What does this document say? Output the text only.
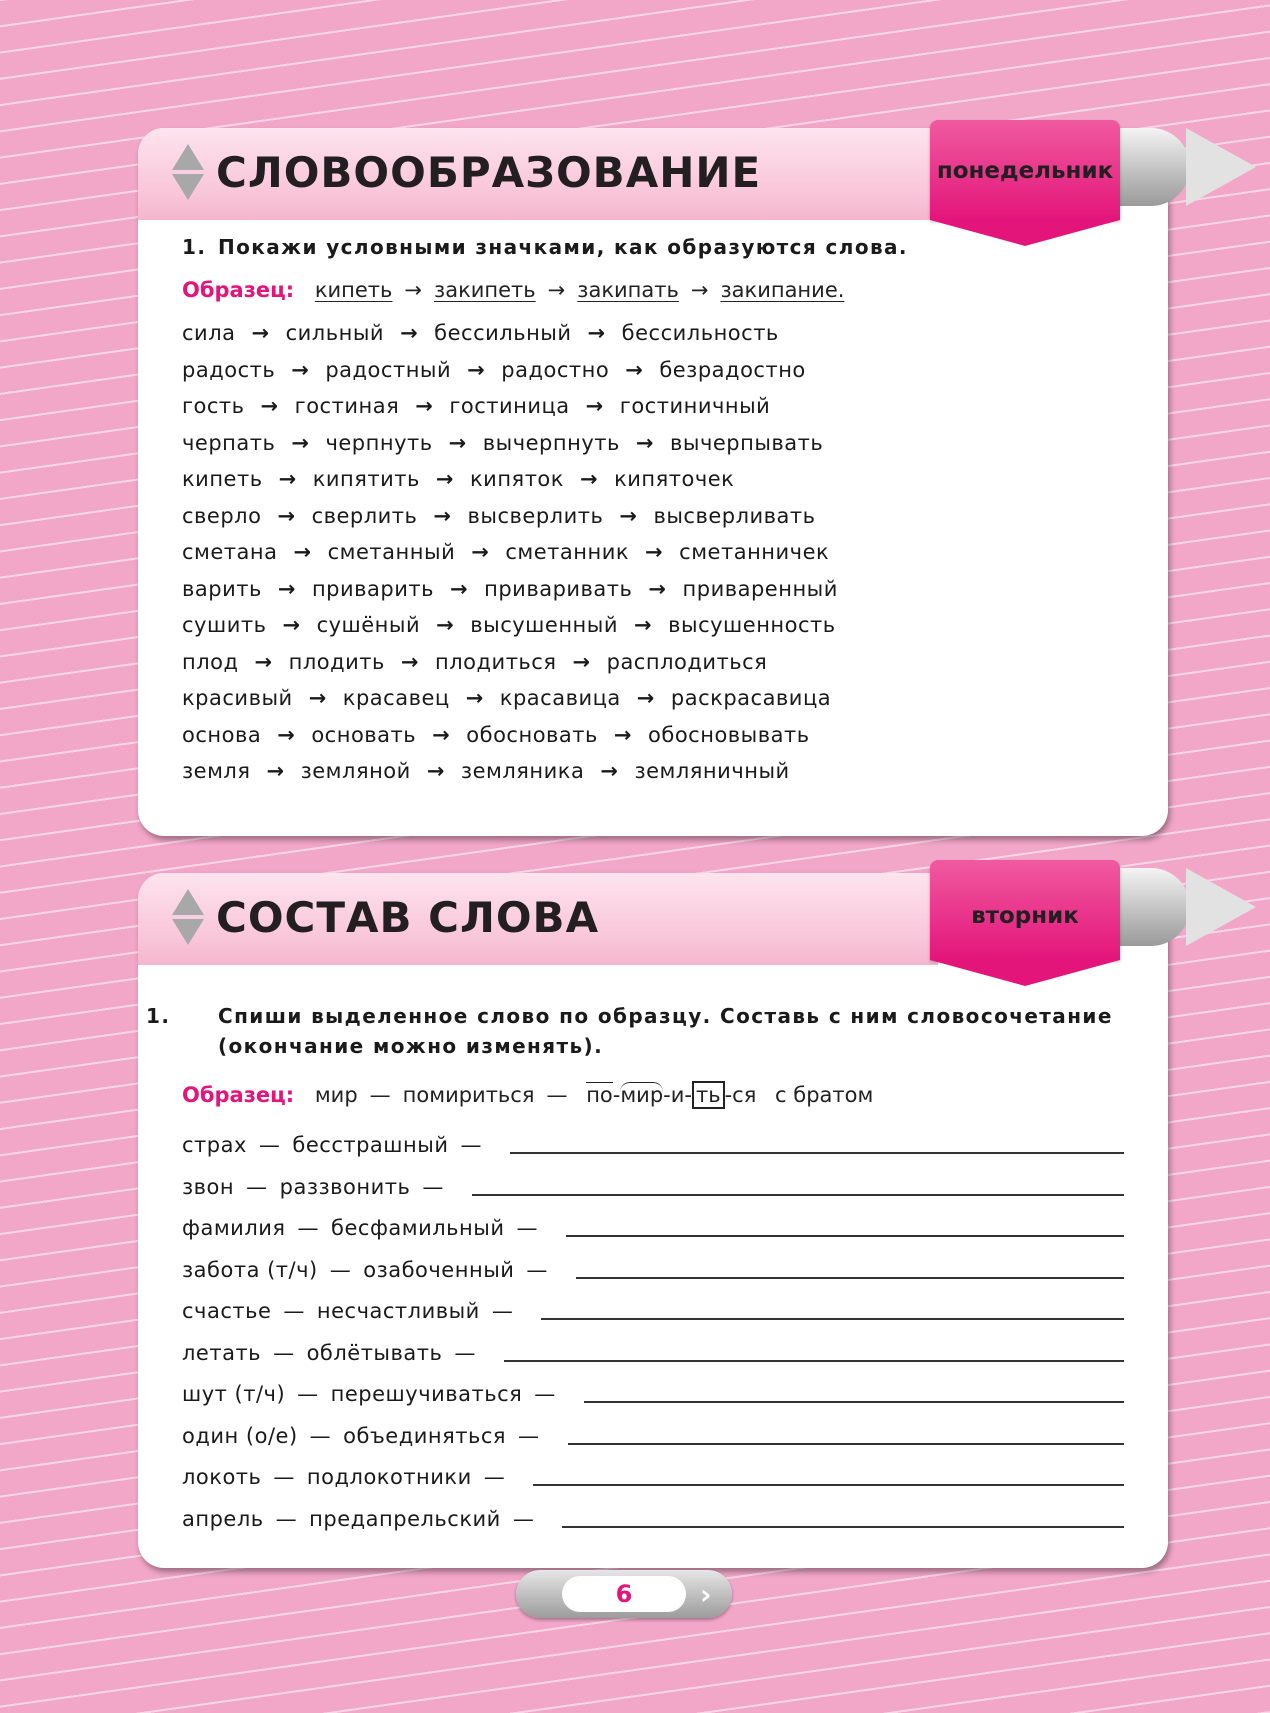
СЛОВООБРАЗОВАНИЕ
1. Покажи условными значками, как образуются слова.
Образец: кипеть → закипеть → закипать → закипание.
сила → сильный → бессильный → бессильность
радость → радостный → радостно → безрадостно
гость → гостиная → гостиница → гостиничный
черпать → черпнуть → вычерпнуть → вычерпывать
кипеть → кипятить → кипяток → кипяточек
сверло → сверлить → высверлить → высверливать
сметана → сметанный → сметанник → сметанничек
варить → приварить → приваривать → приваренный
сушить → сушёный → высушенный → высушенность
плод → плодить → плодиться → расплодиться
красивый → красавец → красавица → раскрасавица
основа → основать → обосновать → обосновывать
земля → земляной → земляника → земляничный
понедельник
СОСТАВ СЛОВА
1. Спиши выделенное слово по образцу. Составь с ним словосочетание (окончание можно изменять).
Образец: мир — помириться — по-мир-и- ть -ся с братом
страх — бесстрашный —
звон — раззвонить —
фамилия — бесфамильный —
забота (т/ч) — озабоченный —
счастье — несчастливый —
летать — облётывать —
шут (т/ч) — перешучиваться —
один (о/е) — объединяться —
локоть — подлокотники —
апрель — предапрельский —
вторник
6	›
